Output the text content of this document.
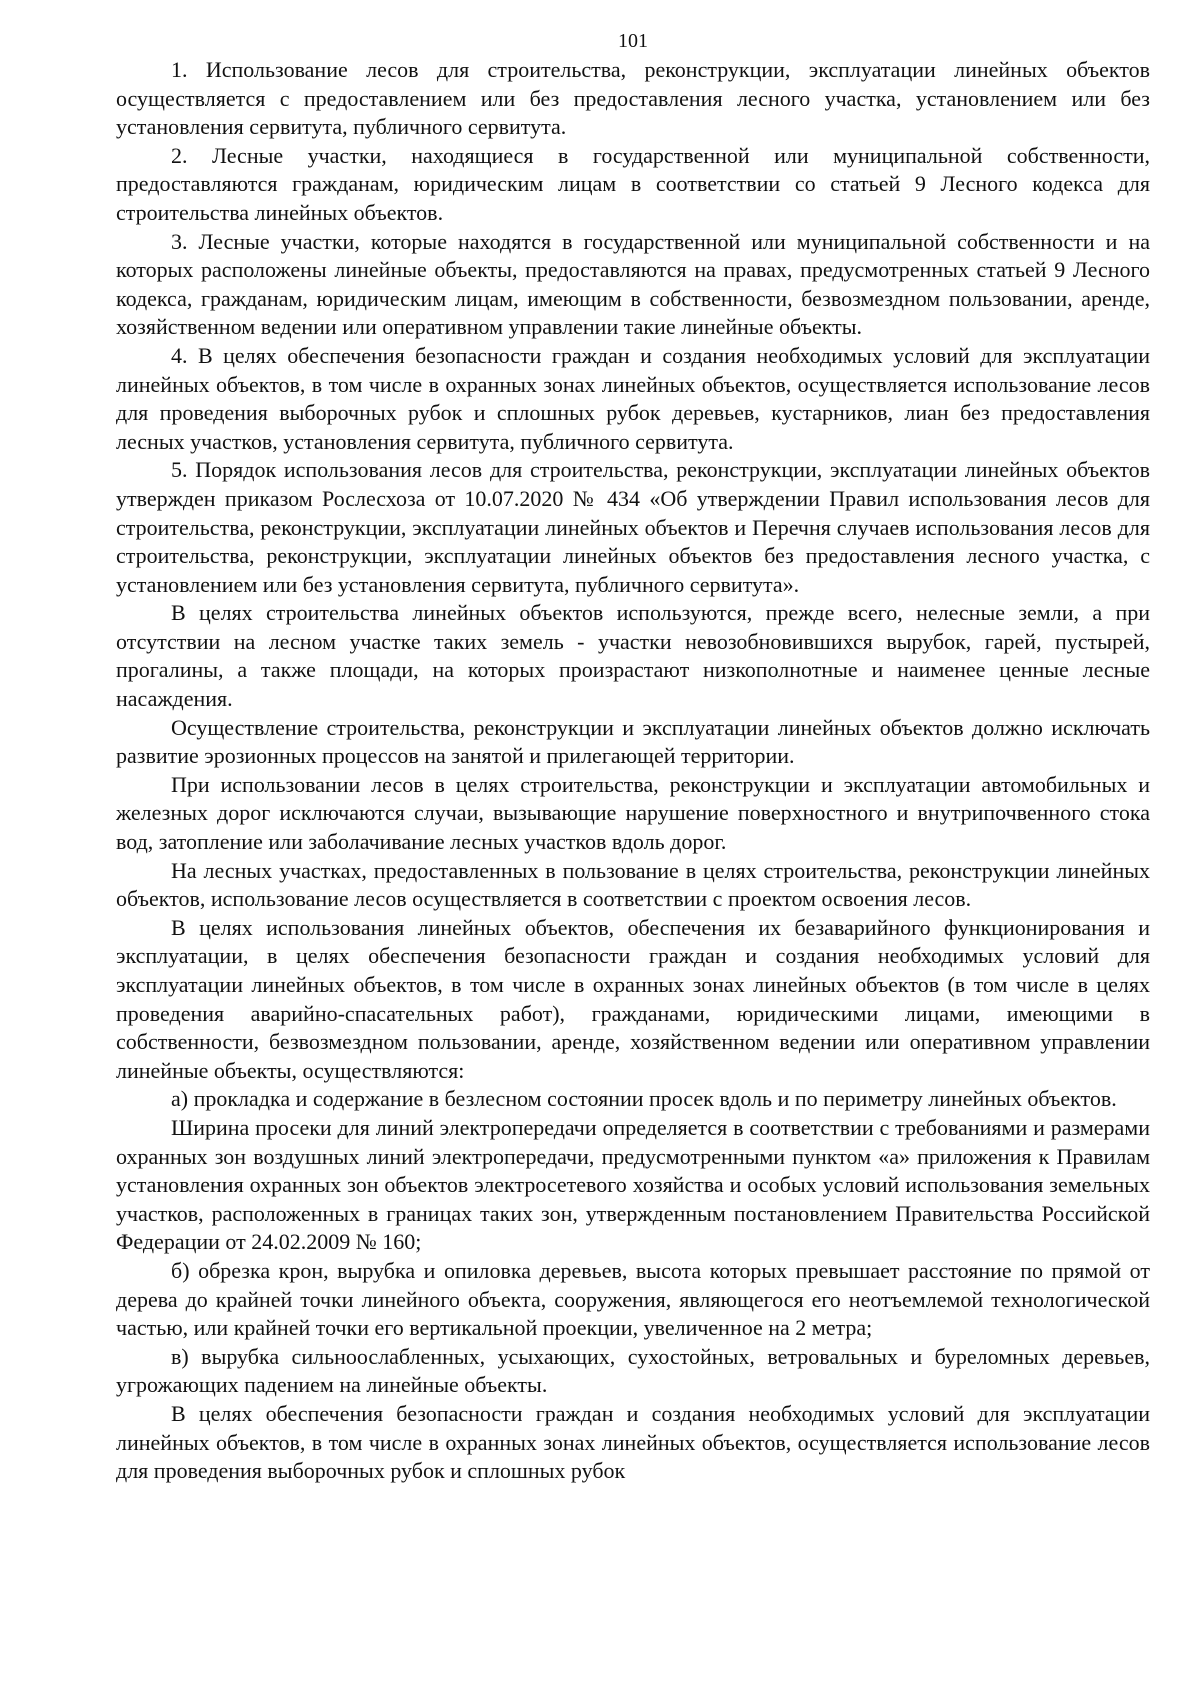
101

1. Использование лесов для строительства, реконструкции, эксплуатации линейных объектов осуществляется с предоставлением или без предоставления лесного участка, установлением или без установления сервитута, публичного сервитута.

2. Лесные участки, находящиеся в государственной или муниципальной собственности, предоставляются гражданам, юридическим лицам в соответствии со статьей 9 Лесного кодекса для строительства линейных объектов.

3. Лесные участки, которые находятся в государственной или муниципальной собственности и на которых расположены линейные объекты, предоставляются на правах, предусмотренных статьей 9 Лесного кодекса, гражданам, юридическим лицам, имеющим в собственности, безвозмездном пользовании, аренде, хозяйственном ведении или оперативном управлении такие линейные объекты.

4. В целях обеспечения безопасности граждан и создания необходимых условий для эксплуатации линейных объектов, в том числе в охранных зонах линейных объектов, осуществляется использование лесов для проведения выборочных рубок и сплошных рубок деревьев, кустарников, лиан без предоставления лесных участков, установления сервитута, публичного сервитута.

5. Порядок использования лесов для строительства, реконструкции, эксплуатации линейных объектов утвержден приказом Рослесхоза от 10.07.2020 № 434 «Об утверждении Правил использования лесов для строительства, реконструкции, эксплуатации линейных объектов и Перечня случаев использования лесов для строительства, реконструкции, эксплуатации линейных объектов без предоставления лесного участка, с установлением или без установления сервитута, публичного сервитута».

В целях строительства линейных объектов используются, прежде всего, нелесные земли, а при отсутствии на лесном участке таких земель - участки невозобновившихся вырубок, гарей, пустырей, прогалины, а также площади, на которых произрастают низкополнотные и наименее ценные лесные насаждения.

Осуществление строительства, реконструкции и эксплуатации линейных объектов должно исключать развитие эрозионных процессов на занятой и прилегающей территории.

При использовании лесов в целях строительства, реконструкции и эксплуатации автомобильных и железных дорог исключаются случаи, вызывающие нарушение поверхностного и внутрипочвенного стока вод, затопление или заболачивание лесных участков вдоль дорог.

На лесных участках, предоставленных в пользование в целях строительства, реконструкции линейных объектов, использование лесов осуществляется в соответствии с проектом освоения лесов.

В целях использования линейных объектов, обеспечения их безаварийного функционирования и эксплуатации, в целях обеспечения безопасности граждан и создания необходимых условий для эксплуатации линейных объектов, в том числе в охранных зонах линейных объектов (в том числе в целях проведения аварийно-спасательных работ), гражданами, юридическими лицами, имеющими в собственности, безвозмездном пользовании, аренде, хозяйственном ведении или оперативном управлении линейные объекты, осуществляются:

а) прокладка и содержание в безлесном состоянии просек вдоль и по периметру линейных объектов.

Ширина просеки для линий электропередачи определяется в соответствии с требованиями и размерами охранных зон воздушных линий электропередачи, предусмотренными пунктом «а» приложения к Правилам установления охранных зон объектов электросетевого хозяйства и особых условий использования земельных участков, расположенных в границах таких зон, утвержденным постановлением Правительства Российской Федерации от 24.02.2009 № 160;

б) обрезка крон, вырубка и опиловка деревьев, высота которых превышает расстояние по прямой от дерева до крайней точки линейного объекта, сооружения, являющегося его неотъемлемой технологической частью, или крайней точки его вертикальной проекции, увеличенное на 2 метра;

в) вырубка сильноослабленных, усыхающих, сухостойных, ветровальных и буреломных деревьев, угрожающих падением на линейные объекты.

В целях обеспечения безопасности граждан и создания необходимых условий для эксплуатации линейных объектов, в том числе в охранных зонах линейных объектов, осуществляется использование лесов для проведения выборочных рубок и сплошных рубок
